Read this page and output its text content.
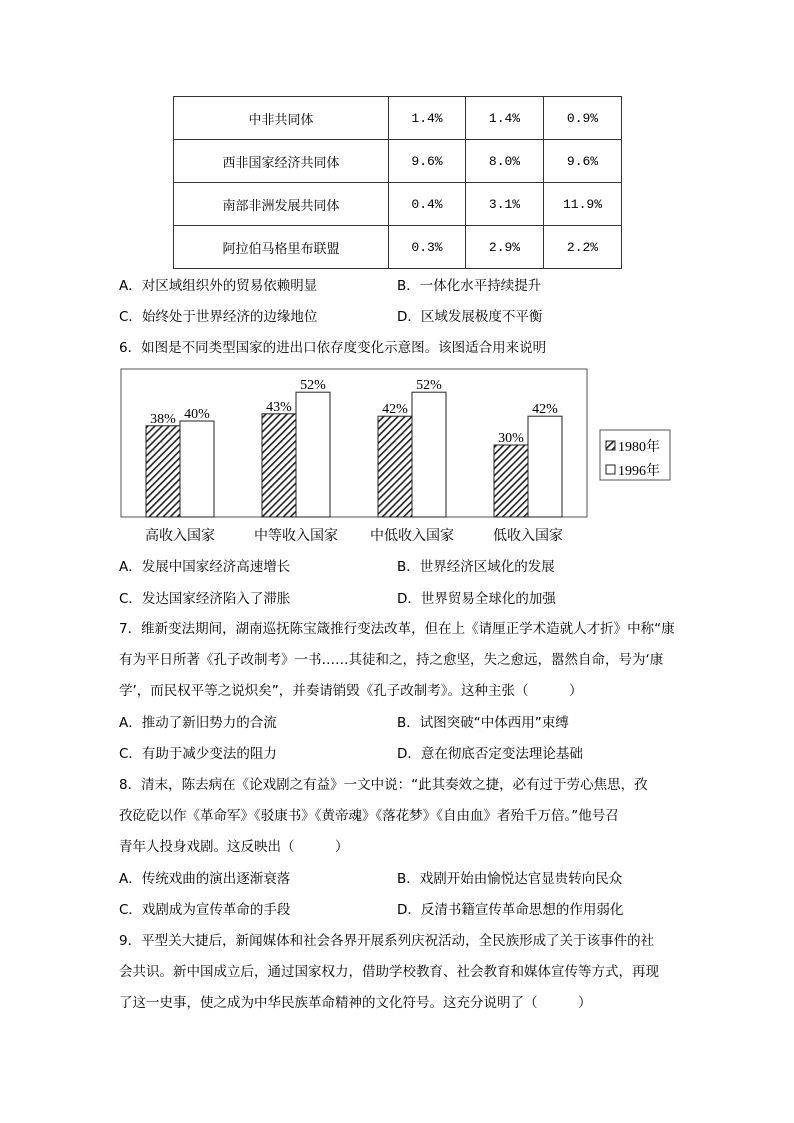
中非共同体	1.4%	1.4%	0.9%
西非国家经济共同体	9.6%	8.0%	9.6%
南部非洲发展共同体	0.4%	3.1%	11.9%
阿拉伯马格里布联盟	0.3%	2.9%	2.2%
A．对区域组织外的贸易依赖明显	B．一体化水平持续提升
C．始终处于世界经济的边缘地位	D．区域发展极度不平衡
6．如图是不同类型国家的进出口依存度变化示意图。该图适合用来说明
38% 40%
高收入国家
43%
52%
中等收入国家
42%
52%
中低收入国家
30%
42%
低收入国家
1980年
1996年
A．发展中国家经济高速增长	B．世界经济区域化的发展
C．发达国家经济陷入了滞胀	D．世界贸易全球化的加强
7．维新变法期间，湖南巡抚陈宝箴推行变法改革，但在上《请厘正学术造就人才折》中称“康
有为平日所著《孔子改制考》一书……其徒和之，持之愈坚，失之愈远，嚣然自命，号为‘康
学’，而民权平等之说炽矣”，并奏请销毁《孔子改制考》。这种主张（　　　）
A．推动了新旧势力的合流	B．试图突破“中体西用”束缚
C．有助于减少变法的阻力	D．意在彻底否定变法理论基础
8．清末，陈去病在《论戏剧之有益》一文中说：“此其奏效之捷，必有过于劳心焦思，孜
孜矻矻以作《革命军》《驳康书》《黄帝魂》《落花梦》《自由血》者殆千万倍。”他号召
青年人投身戏剧。这反映出（　　　）
A．传统戏曲的演出逐渐衰落	B．戏剧开始由愉悦达官显贵转向民众
C．戏剧成为宣传革命的手段	D．反清书籍宣传革命思想的作用弱化
9．平型关大捷后，新闻媒体和社会各界开展系列庆祝活动，全民族形成了关于该事件的社
会共识。新中国成立后，通过国家权力，借助学校教育、社会教育和媒体宣传等方式，再现
了这一史事，使之成为中华民族革命精神的文化符号。这充分说明了（　　　）
